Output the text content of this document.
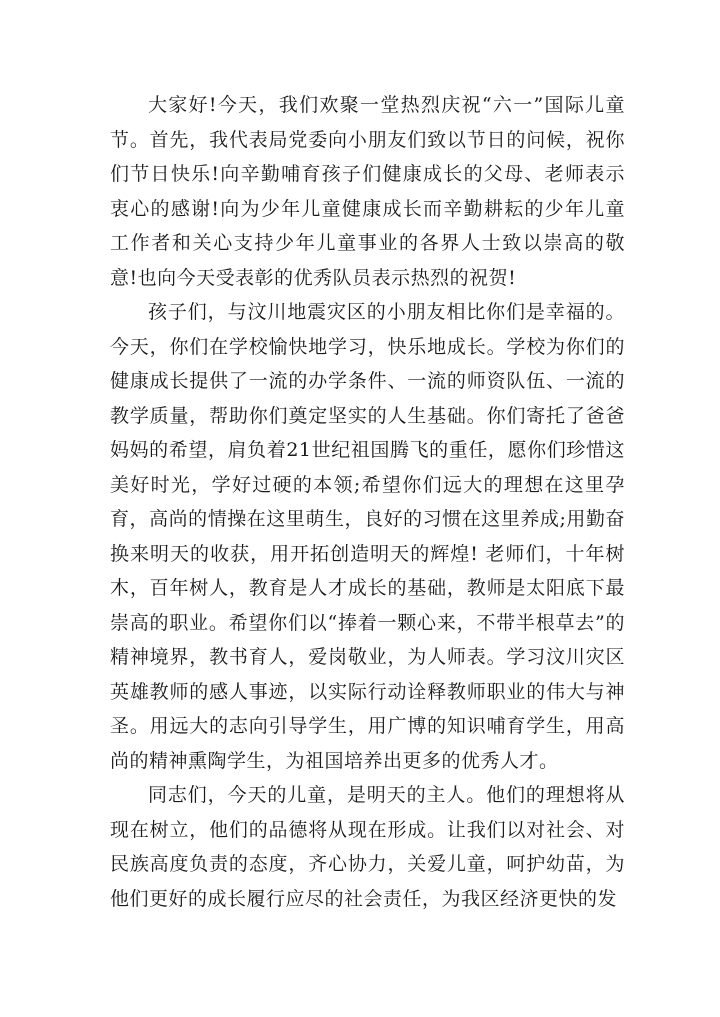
大家好!今天，我们欢聚一堂热烈庆祝“六一”国际儿童节。首先，我代表局党委向小朋友们致以节日的问候，祝你们节日快乐!向辛勤哺育孩子们健康成长的父母、老师表示衷心的感谢!向为少年儿童健康成长而辛勤耕耘的少年儿童工作者和关心支持少年儿童事业的各界人士致以崇高的敬意!也向今天受表彰的优秀队员表示热烈的祝贺!

孩子们，与汶川地震灾区的小朋友相比你们是幸福的。今天，你们在学校愉快地学习，快乐地成长。学校为你们的健康成长提供了一流的办学条件、一流的师资队伍、一流的教学质量，帮助你们奠定坚实的人生基础。你们寄托了爸爸妈妈的希望，肩负着21世纪祖国腾飞的重任，愿你们珍惜这美好时光，学好过硬的本领;希望你们远大的理想在这里孕育，高尚的情操在这里萌生，良好的习惯在这里养成;用勤奋换来明天的收获，用开拓创造明天的辉煌! 老师们，十年树木，百年树人，教育是人才成长的基础，教师是太阳底下最崇高的职业。希望你们以“捧着一颗心来，不带半根草去”的精神境界，教书育人，爱岗敬业，为人师表。学习汶川灾区英雄教师的感人事迹，以实际行动诠释教师职业的伟大与神圣。用远大的志向引导学生，用广博的知识哺育学生，用高尚的精神熏陶学生，为祖国培养出更多的优秀人才。

同志们，今天的儿童，是明天的主人。他们的理想将从现在树立，他们的品德将从现在形成。让我们以对社会、对民族高度负责的态度，齐心协力，关爱儿童，呵护幼苗，为他们更好的成长履行应尽的社会责任，为我区经济更快的发
